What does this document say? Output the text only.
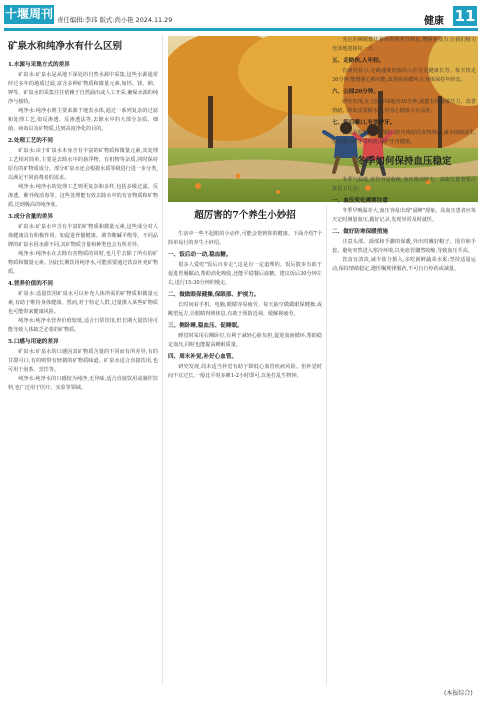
十堰周刊 责任编辑:李玮 版式:尚小艳 2024.11.29	健康 11
矿泉水和纯净水有什么区别
1.水源与采集方式的差异

矿泉水:矿泉水是从地下深处的自然水源中采集,这些水源通常经过多年的地质过滤,富含多种矿物质和微量元素,如钙、镁、钠、钾等。矿泉水的采集往往依赖于自然涌出或人工开采,确保水源的纯净与独特。

纯净水:纯净水则主要来源于地表水体,通过一系列复杂的过滤和处理工艺,如反渗透、反渗透法等,去除水中的大部分杂质、细菌、病毒以及矿物质,达到高度净化的目的。

2.处理工艺的不同

矿泉水:由于矿泉水本身含有丰富的矿物质和微量元素,其处理工艺相对简单,主要是去除水中的悬浮物、有机物等杂质,同时保持原有的矿物质成分。部分矿泉水还会根据水质等级进行进一步分类,以满足不同消费者的需求。

纯净水:纯净水的处理工艺则更复杂和多样,包括多级过滤、反渗透、紫外线消毒等。这些处理能有效去除水中的有害物质和矿物质,达到极高的纯净度。

3.成分含量的差异

矿泉水:矿泉水中含有丰富的矿物质和微量元素,这些成分对人体健康具有积极作用。如促进骨骼健康、调节酸碱平衡等。不同品牌的矿泉水因水源不同,其矿物质含量和种类也会有所差异。

纯净水:纯净水在去除有害物质的同时,也几乎去除了所有的矿物质和微量元素。因此长期饮用纯净水,可能需要通过饮食补充矿物质。

4.营养价值的不同

矿泉水:适量饮用矿泉水可以补充人体所需的矿物质和微量元素,有助于维持身体健康。然而,对于特定人群,过量摄入某些矿物质也可能带来健康风险。

纯净水:纯净水营养价值较低,适合日常饮用,但长期大量饮用可能导致人体缺乏必要的矿物质。

5.口感与用途的差异

矿泉水:矿泉水的口感因其矿物质含量的不同而有所差异,有的甘甜可口,有的则带有轻微的矿物质味道。矿泉水适合直接饮用,也可用于泡茶、烹饪等。

纯净水:纯净水的口感较为纯净,无异味,适合直接饮用或制作饮料,也广泛用于医疗、实验等领域。

超厉害的7个养生小妙招

生活中一些不起眼的小动作,可能会帮到你的健康。下面介绍7个简单易行的养生小妙招。

一、饭后动一动,稳血糖。

很多人爱吃"饭后百步走",这是有一定道理的。饭后散步有助于促进胃肠蠕动,帮助消化吸收,还能平稳餐后血糖。建议饭后30分钟左右,进行15-30分钟的慢走。

二、做做眼保健操,保眼部、护视力。

长时间看手机、电脑,眼睛容易疲劳。每天抽空做做眼保健操,或眺望远方,让眼睛得到休息,有助于预防近视、缓解视疲劳。

三、侧卧睡,稳血压、促睡眠。

睡觉时采用右侧卧位,有利于减轻心脏负担,促进血液循环,帮助稳定血压,同时也能提高睡眠质量。

四、周末补觉,补好心血管。

研究发现,周末适当补觉有助于降低心血管疾病风险。但补觉时间不宜过长,一般比平时多睡1-2小时即可,以免打乱生物钟。

充足的睡眠能让身体得到充分修复,增强免疫力,让我们精力充沛地迎接每一天。

五、走路快,人年轻。

有研究显示,走路速度较快的人往往更健康长寿。每天快走30分钟,能增强心肺功能,改善血液循环,让身体保持年轻态。

六、公园20分钟。

研究发现,在公园等绿地待20分钟,就能有效缓解压力、改善情绪、降低皮质醇水平,对身心健康大有益处。

七、饭后嚼口,有效护牙。

饭后及时漱口,能清除口腔内残留的食物残渣,减少细菌滋生,预防龋齿和牙周疾病,保护牙齿健康。

冬季如何保持血压稳定

冬季气温低,血管容易收缩,血压波动较大。高血压患者要注意以下几点:

一、血压变化需要注意

冬季早晚温差大,血压容易出现"晨峰"现象。高血压患者应每天定时测量血压,做好记录,发现异常及时就医。

二、做好防寒保暖措施

注意头部、颈部和手脚的保暖,外出时戴好帽子、围巾和手套。避免突然进入寒冷环境,以免血管骤然收缩,导致血压升高。

饮食宜清淡,减少盐分摄入,多吃新鲜蔬菜水果;坚持适量运动,保持情绪稳定,遵医嘱规律服药,不可自行停药或减量。

(本报综合)
